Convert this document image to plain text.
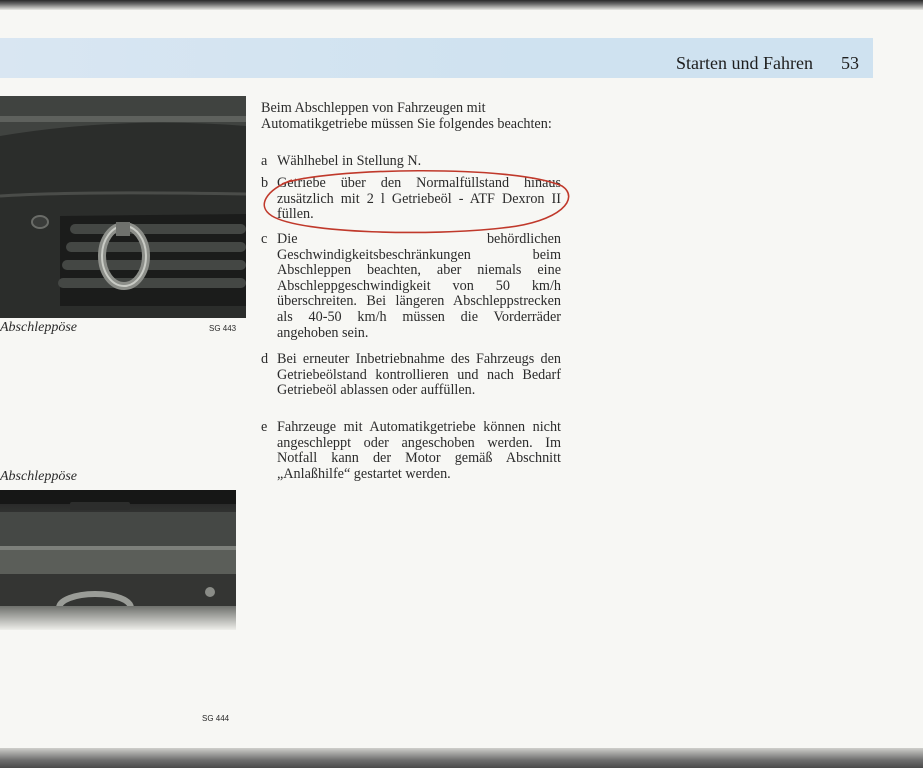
Starten und Fahren 53
Abschleppöse	SG 443
Abschleppöse
SG 444
Beim Abschleppen von Fahrzeugen mit Automatikgetriebe müssen Sie folgendes beachten:
a Wählhebel in Stellung N.
b Getriebe über den Normalfüllstand hinaus zusätzlich mit 2 l Getriebeöl - ATF Dexron II füllen.
c Die behördlichen Geschwindigkeitsbeschränkungen beim Abschleppen beachten, aber niemals eine Abschleppgeschwindigkeit von 50 km/h überschreiten. Bei längeren Abschleppstrecken als 40-50 km/h müssen die Vorderräder angehoben sein.
d Bei erneuter Inbetriebnahme des Fahrzeugs den Getriebeölstand kontrollieren und nach Bedarf Getriebeöl ablassen oder auffüllen.
e Fahrzeuge mit Automatikgetriebe können nicht angeschleppt oder angeschoben werden. Im Notfall kann der Motor gemäß Abschnitt „Anlaßhilfe“ gestartet werden.
